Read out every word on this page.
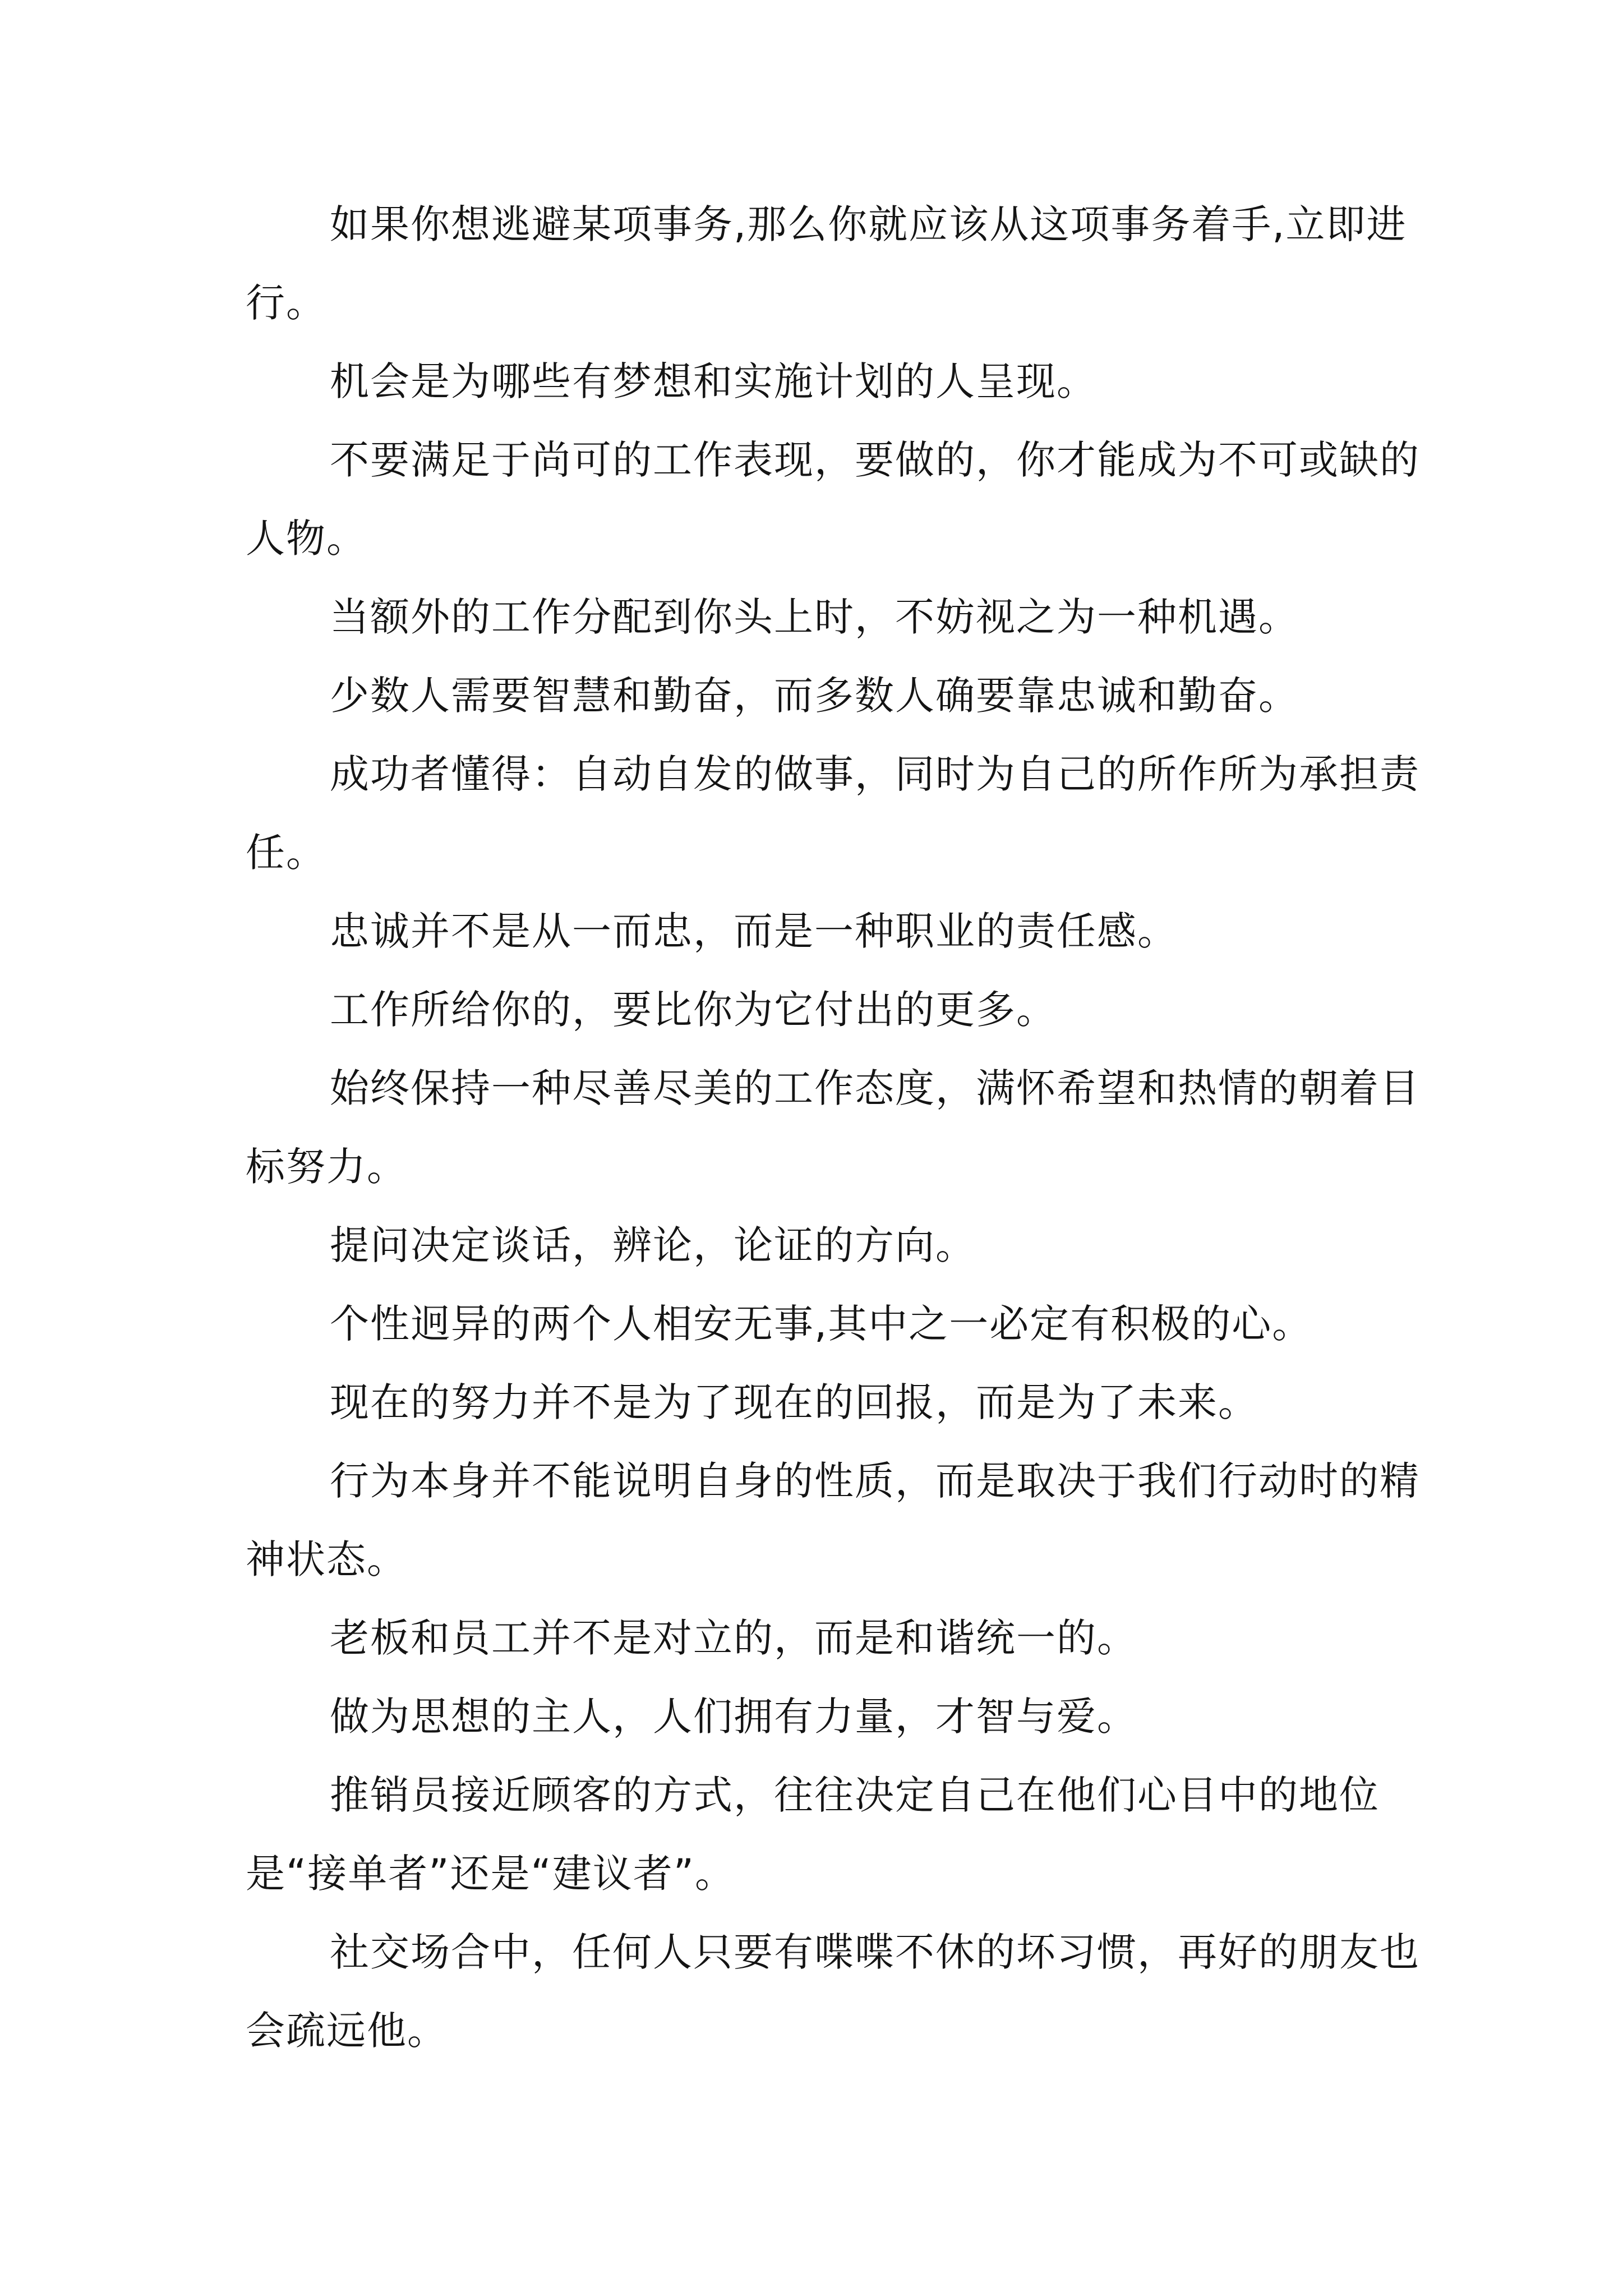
如果你想逃避某项事务,那么你就应该从这项事务着手,立即进行。

机会是为哪些有梦想和实施计划的人呈现。

不要满足于尚可的工作表现，要做的，你才能成为不可或缺的人物。

当额外的工作分配到你头上时，不妨视之为一种机遇。

少数人需要智慧和勤奋，而多数人确要靠忠诚和勤奋。

成功者懂得：自动自发的做事，同时为自己的所作所为承担责任。

忠诚并不是从一而忠，而是一种职业的责任感。

工作所给你的，要比你为它付出的更多。

始终保持一种尽善尽美的工作态度，满怀希望和热情的朝着目标努力。

提问决定谈话，辨论，论证的方向。

个性迥异的两个人相安无事,其中之一必定有积极的心。

现在的努力并不是为了现在的回报，而是为了未来。

行为本身并不能说明自身的性质，而是取决于我们行动时的精神状态。

老板和员工并不是对立的，而是和谐统一的。

做为思想的主人，人们拥有力量，才智与爱。

推销员接近顾客的方式，往往决定自己在他们心目中的地位是“接单者”还是“建议者”。

社交场合中，任何人只要有喋喋不休的坏习惯，再好的朋友也会疏远他。
